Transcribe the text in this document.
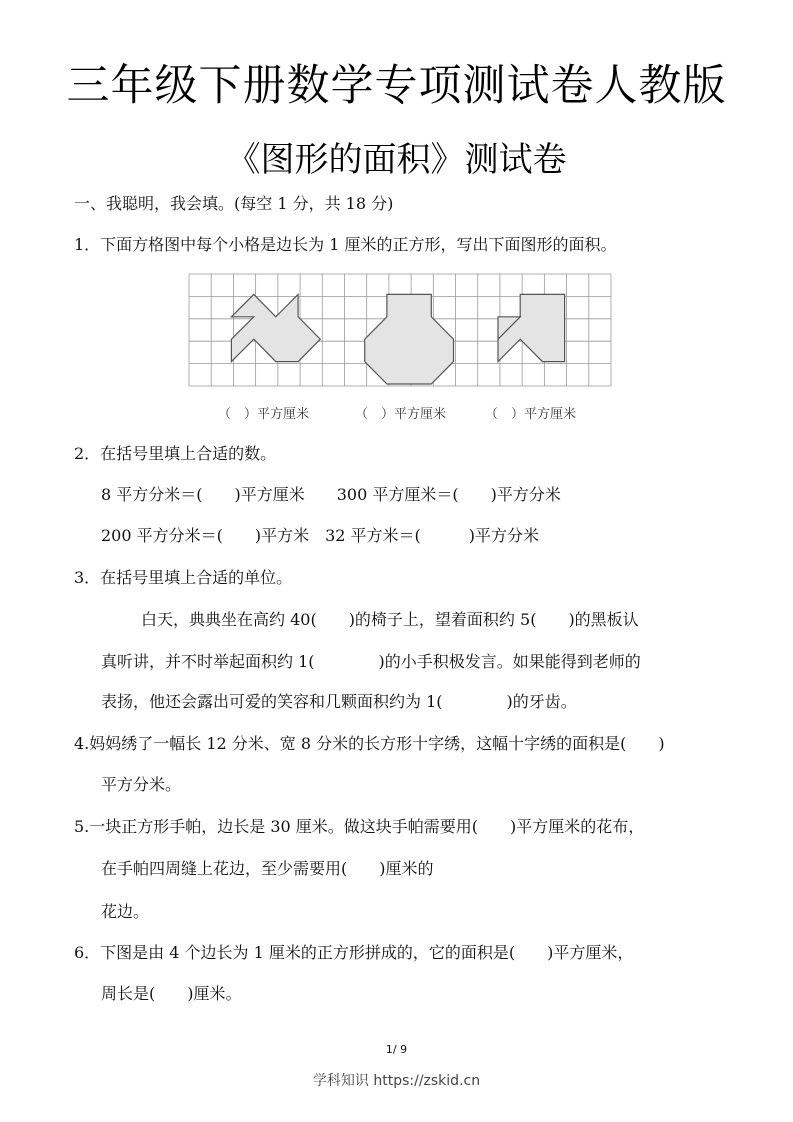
三年级下册数学专项测试卷人教版
《图形的面积》测试卷
一、我聪明，我会填。(每空 1 分，共 18 分)
1．下面方格图中每个小格是边长为 1 厘米的正方形，写出下面图形的面积。
（　）平方厘米	（　）平方厘米	（　）平方厘米
2．在括号里填上合适的数。
8 平方分米＝(　　)平方厘米　　300 平方厘米＝(　　)平方分米
200 平方分米＝(　　)平方米　32 平方米＝(　　　)平方分米
3．在括号里填上合适的单位。
白天，典典坐在高约 40(　　)的椅子上，望着面积约 5(　　)的黑板认
真听讲，并不时举起面积约 1(　　　　)的小手积极发言。如果能得到老师的
表扬，他还会露出可爱的笑容和几颗面积约为 1(　　　　)的牙齿。
4.妈妈绣了一幅长 12 分米、宽 8 分米的长方形十字绣，这幅十字绣的面积是(　　)
平方分米。
5.一块正方形手帕，边长是 30 厘米。做这块手帕需要用(　　)平方厘米的花布，
在手帕四周缝上花边，至少需要用(　　)厘米的
花边。
6．下图是由 4 个边长为 1 厘米的正方形拼成的，它的面积是(　　)平方厘米，
周长是(　　)厘米。
1/ 9
学科知识 https://zskid.cn
